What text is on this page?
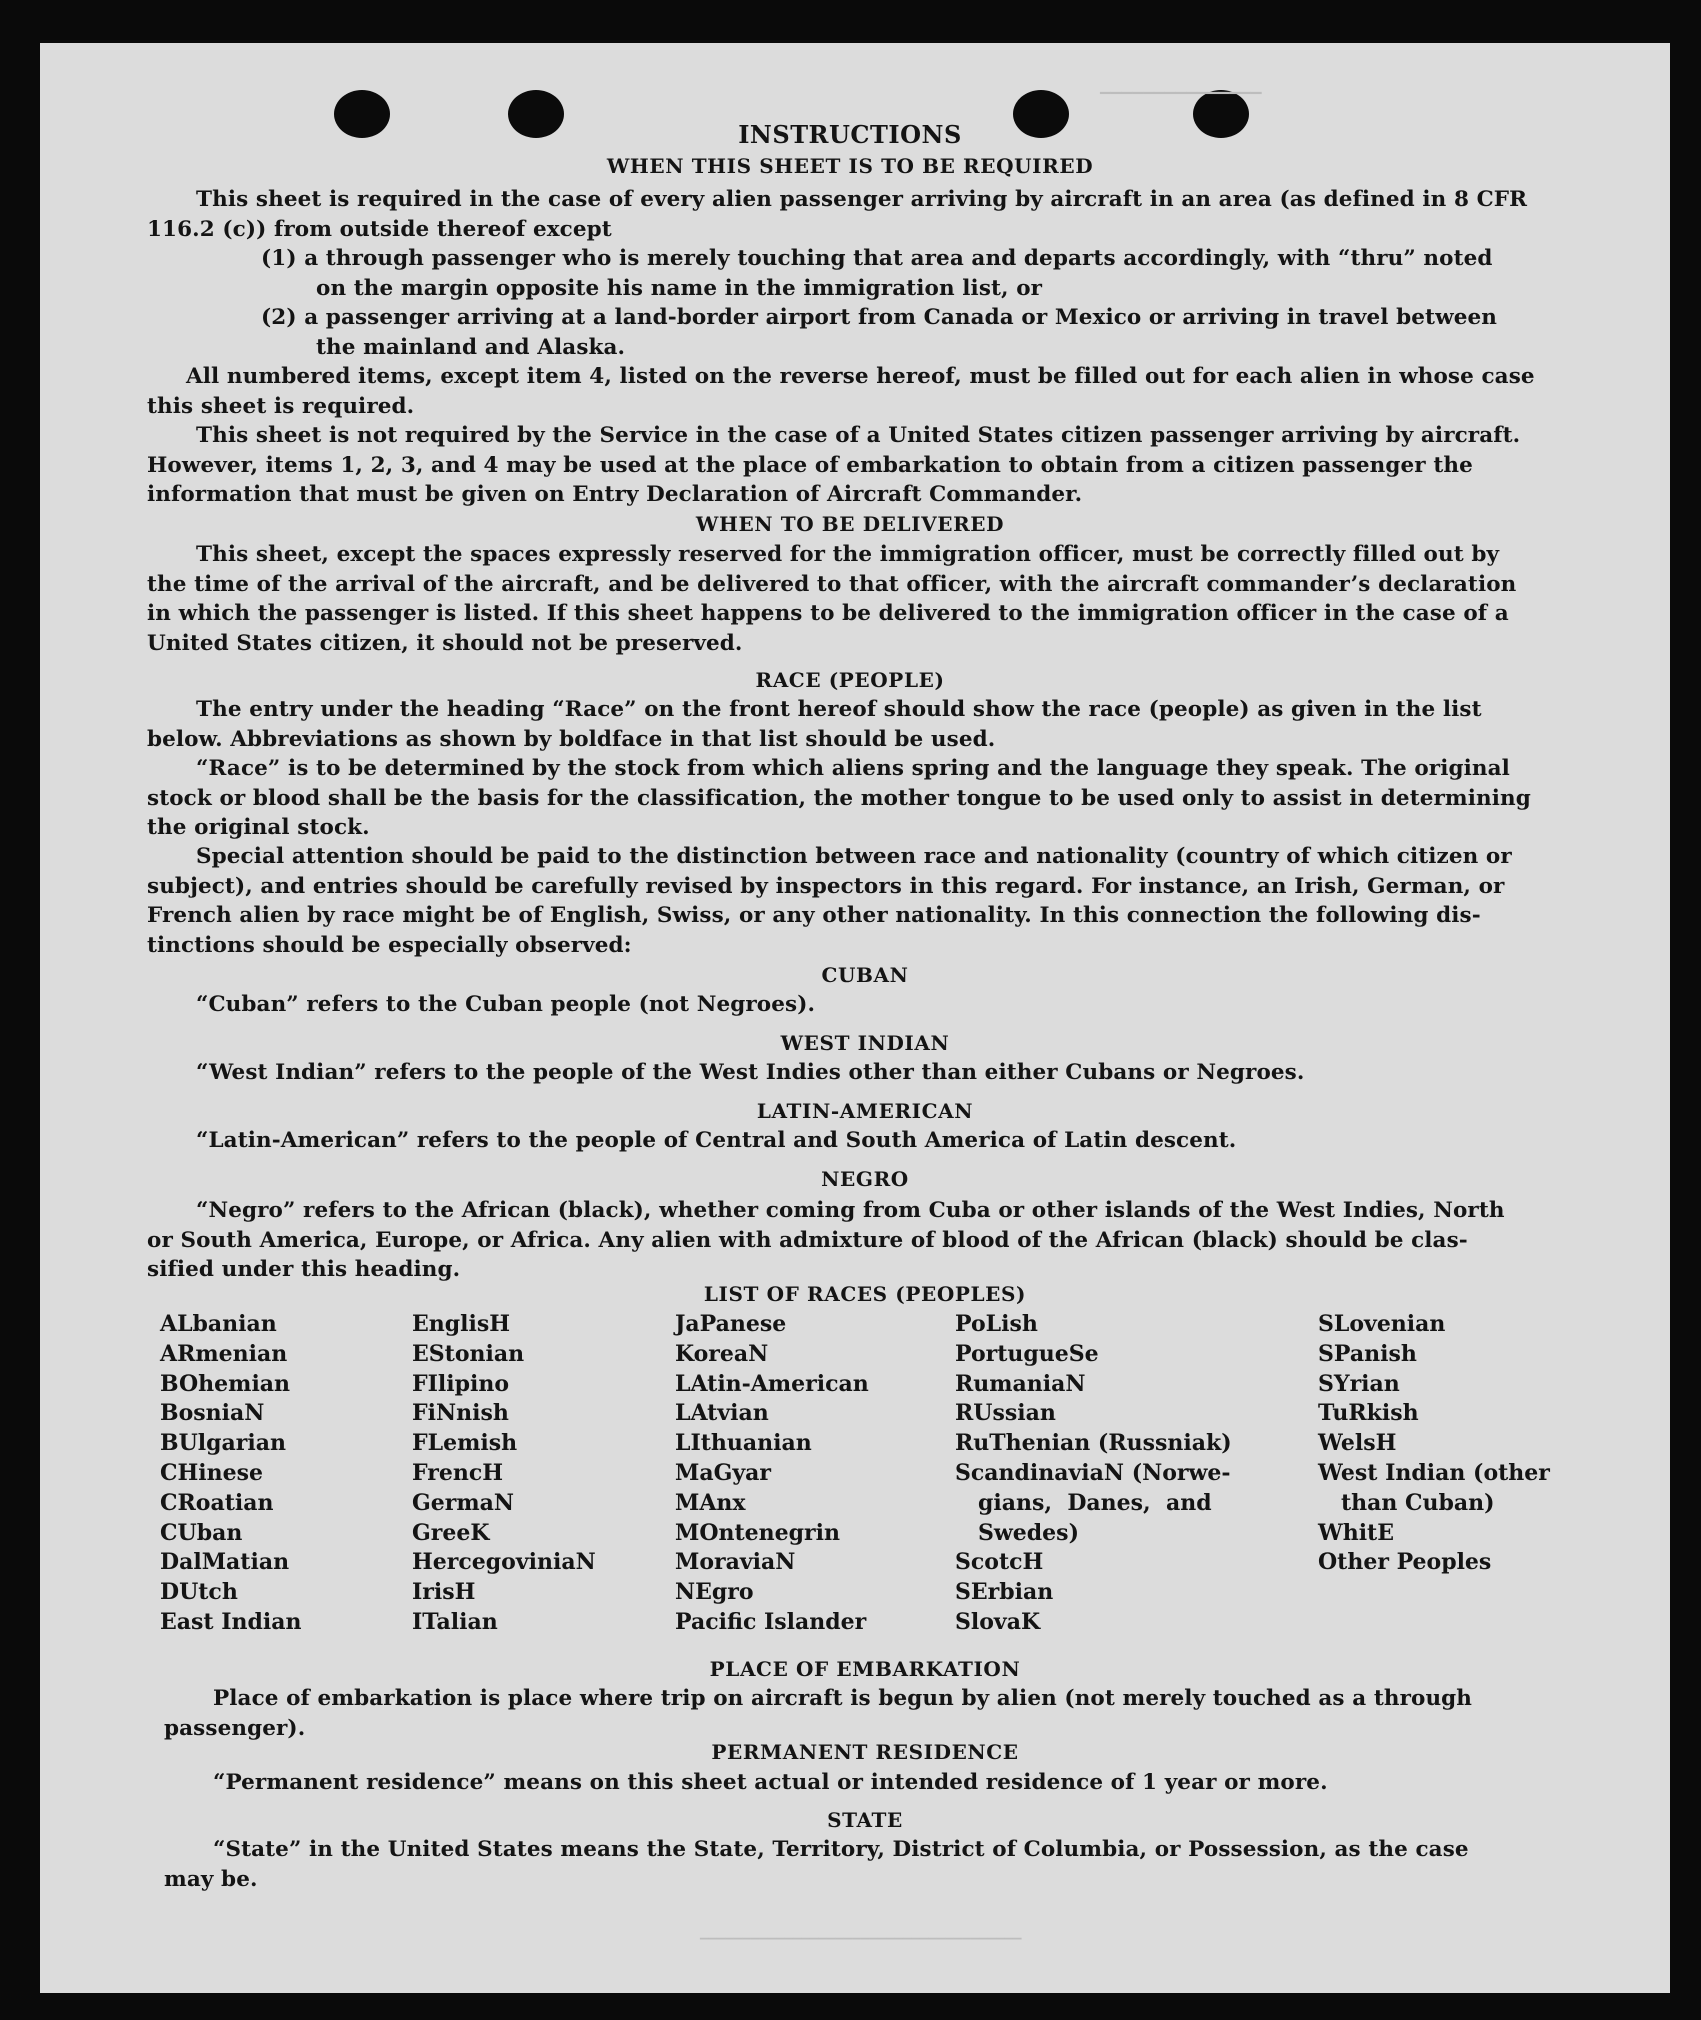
▔▔▔▔▔▔▔▔▔▔▔▔▔▔▔
INSTRUCTIONS
WHEN THIS SHEET IS TO BE REQUIRED
This sheet is required in the case of every alien passenger arriving by aircraft in an area (as defined in 8 CFR
116.2 (c)) from outside thereof except
(1) a through passenger who is merely touching that area and departs accordingly, with “thru” noted
on the margin opposite his name in the immigration list, or
(2) a passenger arriving at a land-border airport from Canada or Mexico or arriving in travel between
the mainland and Alaska.
All numbered items, except item 4, listed on the reverse hereof, must be filled out for each alien in whose case
this sheet is required.
This sheet is not required by the Service in the case of a United States citizen passenger arriving by aircraft.
However, items 1, 2, 3, and 4 may be used at the place of embarkation to obtain from a citizen passenger the
information that must be given on Entry Declaration of Aircraft Commander.
WHEN TO BE DELIVERED
This sheet, except the spaces expressly reserved for the immigration officer, must be correctly filled out by
the time of the arrival of the aircraft, and be delivered to that officer, with the aircraft commander’s declaration
in which the passenger is listed. If this sheet happens to be delivered to the immigration officer in the case of a
United States citizen, it should not be preserved.
RACE (PEOPLE)
The entry under the heading “Race” on the front hereof should show the race (people) as given in the list
below. Abbreviations as shown by boldface in that list should be used.
“Race” is to be determined by the stock from which aliens spring and the language they speak. The original
stock or blood shall be the basis for the classification, the mother tongue to be used only to assist in determining
the original stock.
Special attention should be paid to the distinction between race and nationality (country of which citizen or
subject), and entries should be carefully revised by inspectors in this regard. For instance, an Irish, German, or
French alien by race might be of English, Swiss, or any other nationality. In this connection the following dis-
tinctions should be especially observed:
CUBAN
“Cuban” refers to the Cuban people (not Negroes).
WEST INDIAN
“West Indian” refers to the people of the West Indies other than either Cubans or Negroes.
LATIN-AMERICAN
“Latin-American” refers to the people of Central and South America of Latin descent.
NEGRO
“Negro” refers to the African (black), whether coming from Cuba or other islands of the West Indies, North
or South America, Europe, or Africa. Any alien with admixture of blood of the African (black) should be clas-
sified under this heading.
LIST OF RACES (PEOPLES)
ALbanian
ARmenian
BOhemian
BosniaN
BUlgarian
CHinese
CRoatian
CUban
DalMatian
DUtch
East Indian
EnglisH
EStonian
FIlipino
FiNnish
FLemish
FrencH
GermaN
GreeK
HercegoviniaN
IrisH
ITalian
JaPanese
KoreaN
LAtin-American
LAtvian
LIthuanian
MaGyar
MAnx
MOntenegrin
MoraviaN
NEgro
Pacific Islander
PoLish
PortugueSe
RumaniaN
RUssian
RuThenian (Russniak)
ScandinaviaN (Norwe-
gians,  Danes,  and
Swedes)
ScotcH
SErbian
SlovaK
SLovenian
SPanish
SYrian
TuRkish
WelsH
West Indian (other
than Cuban)
WhitE
Other Peoples
PLACE OF EMBARKATION
Place of embarkation is place where trip on aircraft is begun by alien (not merely touched as a through
passenger).
PERMANENT RESIDENCE
“Permanent residence” means on this sheet actual or intended residence of 1 year or more.
STATE
“State” in the United States means the State, Territory, District of Columbia, or Possession, as the case
may be.
▔▔▔▔▔▔▔▔▔▔▔▔▔▔▔▔▔▔▔▔▔▔▔▔▔▔▔▔▔▔▔▔▔▔▔▔▔▔
